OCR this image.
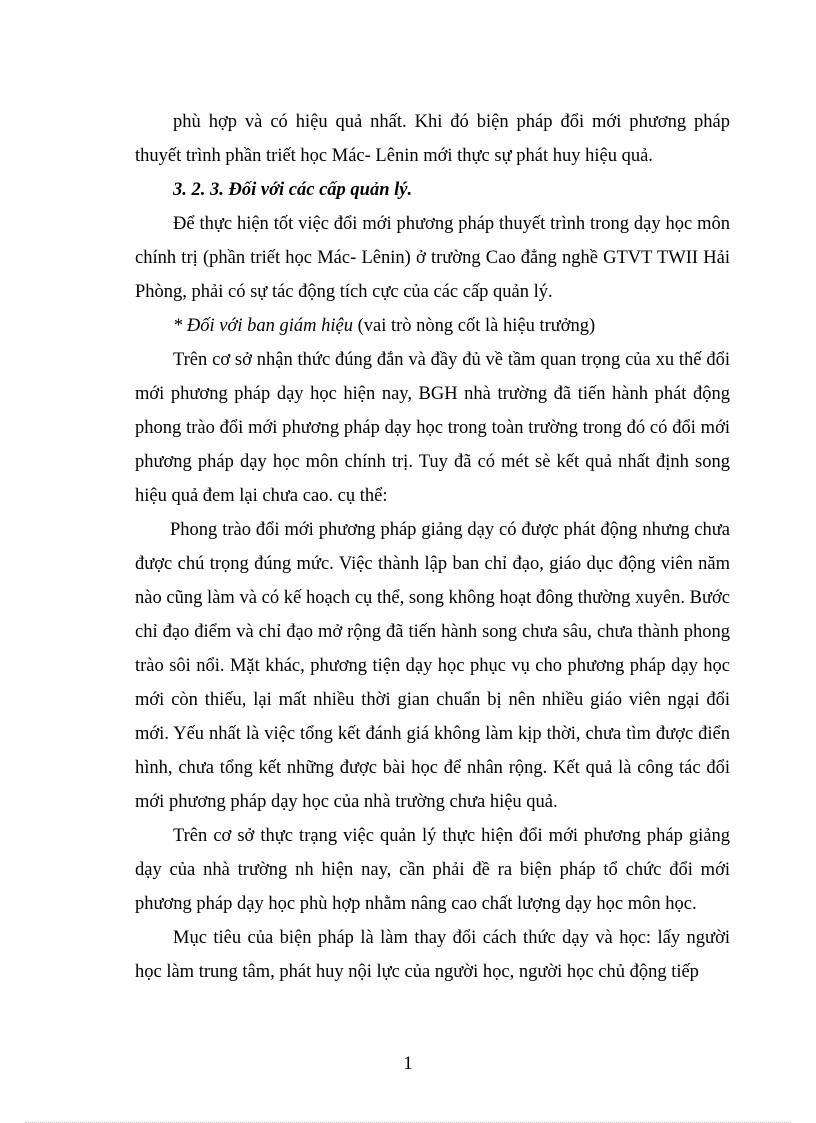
phù hợp và có hiệu quả nhất. Khi đó biện pháp đổi mới phương pháp thuyết trình phần triết học Mác- Lênin mới thực sự phát huy hiệu quả.

3. 2. 3. Đối với các cấp quản lý.

Để thực hiện tốt việc đổi mới phương pháp thuyết trình trong dạy học môn chính trị (phần triết học Mác- Lênin) ở trường Cao đẳng nghề GTVT TWII Hải Phòng, phải có sự tác động tích cực của các cấp quản lý.

* Đối với ban giám hiệu (vai trò nòng cốt là hiệu trưởng)

Trên cơ sở nhận thức đúng đắn và đầy đủ về tầm quan trọng của xu thế đổi mới phương pháp dạy học hiện nay, BGH nhà trường đã tiến hành phát động phong trào đổi mới phương pháp dạy học trong toàn trường trong đó có đổi mới phương pháp dạy học môn chính trị. Tuy đã có mét sè kết quả nhất định song hiệu quả đem lại chưa cao. cụ thể:

Phong trào đổi mới phương pháp giảng dạy có được phát động nhưng chưa được chú trọng đúng mức. Việc thành lập ban chỉ đạo, giáo dục động viên năm nào cũng làm và có kế hoạch cụ thể, song không hoạt đông thường xuyên. Bước chỉ đạo điểm và chỉ đạo mở rộng đã tiến hành song chưa sâu, chưa thành phong trào sôi nổi. Mặt khác, phương tiện dạy học phục vụ cho phương pháp dạy học mới còn thiếu, lại mất nhiều thời gian chuẩn bị nên nhiều giáo viên ngại đổi mới. Yếu nhất là việc tổng kết đánh giá không làm kịp thời, chưa tìm được điển hình, chưa tổng kết những được bài học để nhân rộng. Kết quả là công tác đổi mới phương pháp dạy học của nhà trường chưa hiệu quả.

Trên cơ sở thực trạng việc quản lý thực hiện đổi mới phương pháp giảng dạy của nhà trường nh hiện nay, cần phải đề ra biện pháp tổ chức đổi mới phương pháp dạy học phù hợp nhằm nâng cao chất lượng dạy học môn học.

Mục tiêu của biện pháp là làm thay đổi cách thức dạy và học: lấy người học làm trung tâm, phát huy nội lực của người học, người học chủ động tiếp

1
